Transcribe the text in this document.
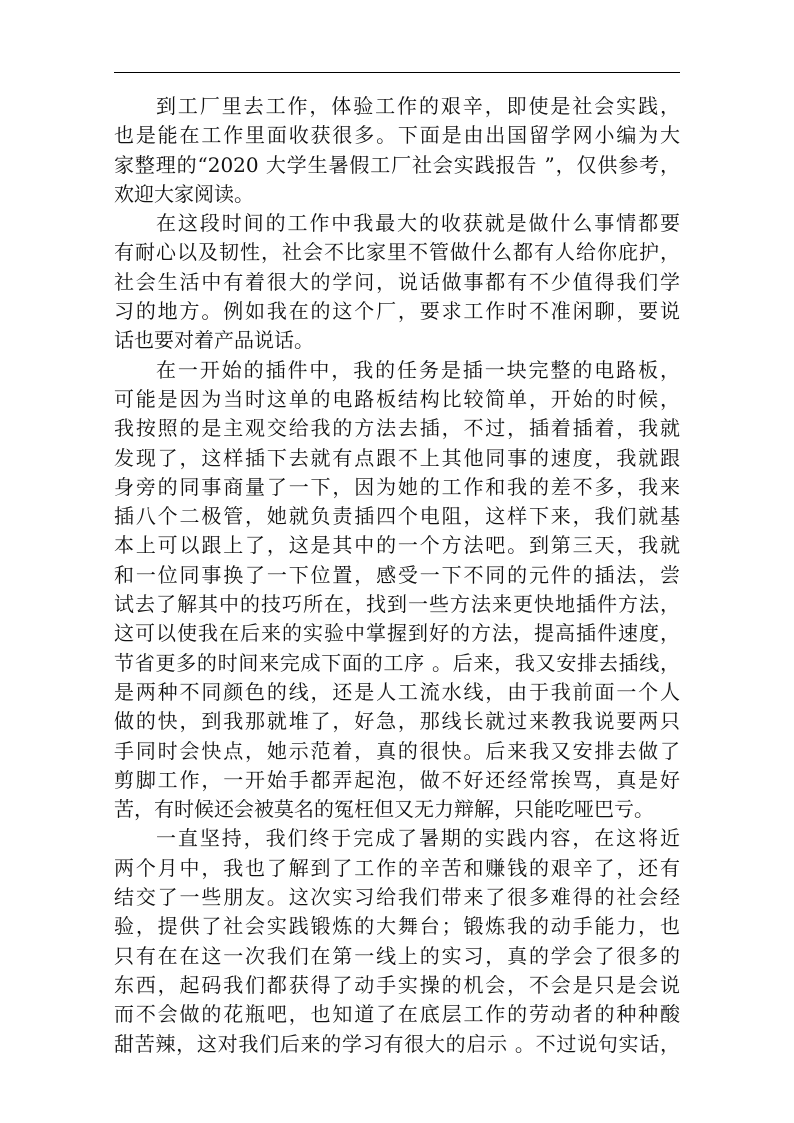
到工厂里去工作，体验工作的艰辛，即使是社会实践，
也是能在工作里面收获很多。下面是由出国留学网小编为大
家整理的“2020 大学生暑假工厂社会实践报告 ”，仅供参考，
欢迎大家阅读。
在这段时间的工作中我最大的收获就是做什么事情都要
有耐心以及韧性，社会不比家里不管做什么都有人给你庇护，
社会生活中有着很大的学问，说话做事都有不少值得我们学
习的地方。例如我在的这个厂，要求工作时不准闲聊，要说
话也要对着产品说话。
在一开始的插件中，我的任务是插一块完整的电路板，
可能是因为当时这单的电路板结构比较简单，开始的时候，
我按照的是主观交给我的方法去插，不过，插着插着，我就
发现了，这样插下去就有点跟不上其他同事的速度，我就跟
身旁的同事商量了一下，因为她的工作和我的差不多，我来
插八个二极管，她就负责插四个电阻，这样下来，我们就基
本上可以跟上了，这是其中的一个方法吧。到第三天，我就
和一位同事换了一下位置，感受一下不同的元件的插法，尝
试去了解其中的技巧所在，找到一些方法来更快地插件方法，
这可以使我在后来的实验中掌握到好的方法，提高插件速度，
节省更多的时间来完成下面的工序 。后来，我又安排去插线，
是两种不同颜色的线，还是人工流水线，由于我前面一个人
做的快，到我那就堆了，好急，那线长就过来教我说要两只
手同时会快点，她示范着，真的很快。后来我又安排去做了
剪脚工作，一开始手都弄起泡，做不好还经常挨骂，真是好
苦，有时候还会被莫名的冤枉但又无力辩解，只能吃哑巴亏。
一直坚持，我们终于完成了暑期的实践内容，在这将近
两个月中，我也了解到了工作的辛苦和赚钱的艰辛了，还有
结交了一些朋友。这次实习给我们带来了很多难得的社会经
验，提供了社会实践锻炼的大舞台；锻炼我的动手能力，也
只有在在这一次我们在第一线上的实习，真的学会了很多的
东西，起码我们都获得了动手实操的机会，不会是只是会说
而不会做的花瓶吧，也知道了在底层工作的劳动者的种种酸
甜苦辣，这对我们后来的学习有很大的启示 。不过说句实话，
